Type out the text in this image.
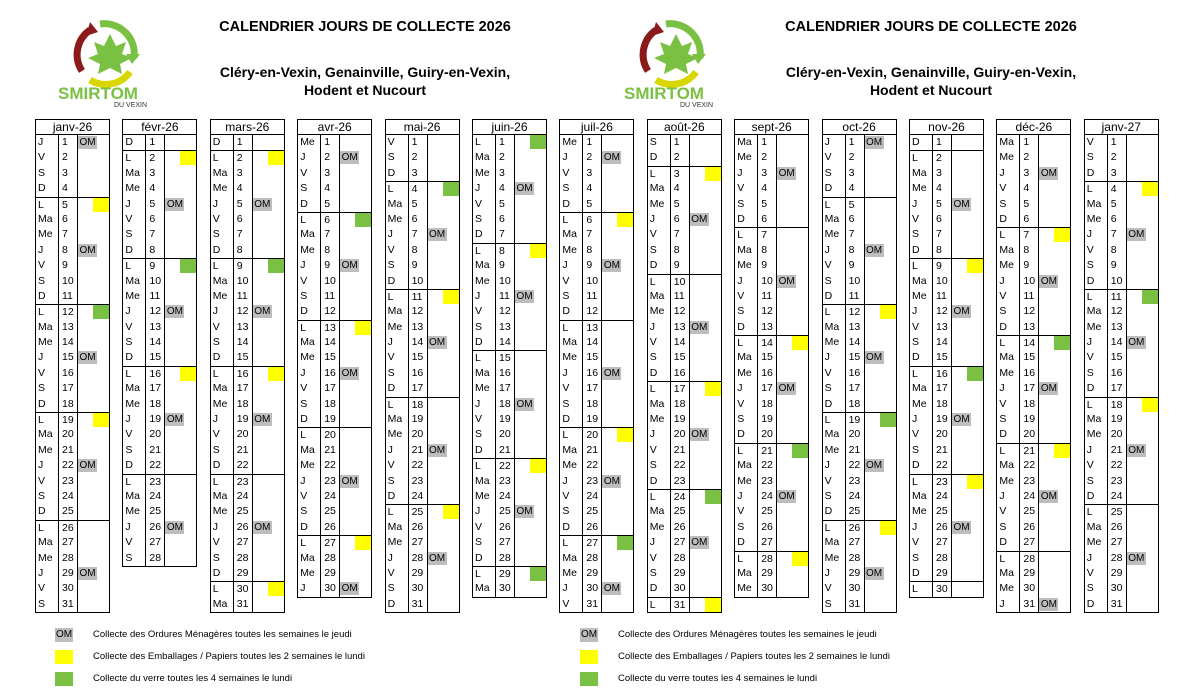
SMIRTOM
DU VEXIN
CALENDRIER JOURS DE COLLECTE 2026
Cléry-en-Vexin, Genainville, Guiry-en-Vexin,
Hodent et Nucourt	SMIRTOM
DU VEXIN
CALENDRIER JOURS DE COLLECTE 2026
Cléry-en-Vexin, Genainville, Guiry-en-Vexin,
Hodent et Nucourt
janv-26
J	1	OM
V	2
S	3
D	4
L	5
Ma 6
Me 7
J	8	OM
V	9
S	10
D	11
L	12
Ma 13
Me 14
J	15 OM
V	16
S	17
D	18
L	19
Ma 20
Me 21
J	22 OM
V	23
S	24
D	25
L	26
Ma 27
Me 28
J	29 OM
V	30
S	31
févr-26
D	1
L	2
Ma 3
Me 4
J	5	OM
V	6
S	7
D	8
L	9
Ma 10
Me 11
J	12 OM
V	13
S	14
D	15
L	16
Ma 17
Me 18
J	19 OM
V	20
S	21
D	22
L	23
Ma 24
Me 25
J	26 OM
V	27
S	28
mars-26
D	1
L	2
Ma 3
Me 4
J	5	OM
V	6
S	7
D	8
L	9
Ma 10
Me 11
J	12 OM
V	13
S	14
D	15
L	16
Ma 17
Me 18
J	19 OM
V	20
S	21
D	22
L	23
Ma 24
Me 25
J	26 OM
V	27
S	28
D	29
L	30
Ma 31
avr-26
Me 1
J	2	OM
V	3
S	4
D	5
L	6
Ma 7
Me 8
J	9	OM
V	10
S	11
D	12
L	13
Ma 14
Me 15
J	16 OM
V	17
S	18
D	19
L	20
Ma 21
Me 22
J	23 OM
V	24
S	25
D	26
L	27
Ma 28
Me 29
J	30 OM
mai-26
V	1
S	2
D	3
L	4
Ma 5
Me 6
J	7	OM
V	8
S	9
D	10
L	11
Ma 12
Me 13
J	14 OM
V	15
S	16
D	17
L	18
Ma 19
Me 20
J	21 OM
V	22
S	23
D	24
L	25
Ma 26
Me 27
J	28 OM
V	29
S	30
D	31
juin-26
L	1
Ma 2
Me 3
J	4	OM
V	5
S	6
D	7
L	8
Ma 9
Me 10
J	11 OM
V	12
S	13
D	14
L	15
Ma 16
Me 17
J	18 OM
V	19
S	20
D	21
L	22
Ma 23
Me 24
J	25 OM
V	26
S	27
D	28
L	29
Ma 30
juil-26
Me 1
J	2	OM
V	3
S	4
D	5
L	6
Ma 7
Me 8
J	9	OM
V	10
S	11
D	12
L	13
Ma 14
Me 15
J	16 OM
V	17
S	18
D	19
L	20
Ma 21
Me 22
J	23 OM
V	24
S	25
D	26
L	27
Ma 28
Me 29
J	30 OM
V	31
août-26
S	1
D	2
L	3
Ma 4
Me 5
J	6	OM
V	7
S	8
D	9
L	10
Ma 11
Me 12
J	13 OM
V	14
S	15
D	16
L	17
Ma 18
Me 19
J	20 OM
V	21
S	22
D	23
L	24
Ma 25
Me 26
J	27 OM
V	28
S	29
D	30
L	31
sept-26
Ma 1
Me 2
J	3	OM
V	4
S	5
D	6
L	7
Ma 8
Me 9
J	10 OM
V	11
S	12
D	13
L	14
Ma 15
Me 16
J	17 OM
V	18
S	19
D	20
L	21
Ma 22
Me 23
J	24 OM
V	25
S	26
D	27
L	28
Ma 29
Me 30
oct-26
J	1	OM
V	2
S	3
D	4
L	5
Ma 6
Me 7
J	8	OM
V	9
S	10
D	11
L	12
Ma 13
Me 14
J	15 OM
V	16
S	17
D	18
L	19
Ma 20
Me 21
J	22 OM
V	23
S	24
D	25
L	26
Ma 27
Me 28
J	29 OM
V	30
S	31
nov-26
D	1
L	2
Ma 3
Me 4
J	5	OM
V	6
S	7
D	8
L	9
Ma 10
Me 11
J	12 OM
V	13
S	14
D	15
L	16
Ma 17
Me 18
J	19 OM
V	20
S	21
D	22
L	23
Ma 24
Me 25
J	26 OM
V	27
S	28
D	29
L	30
déc-26
Ma 1
Me 2
J	3	OM
V	4
S	5
D	6
L	7
Ma 8
Me 9
J	10 OM
V	11
S	12
D	13
L	14
Ma 15
Me 16
J	17 OM
V	18
S	19
D	20
L	21
Ma 22
Me 23
J	24 OM
V	25
S	26
D	27
L	28
Ma 29
Me 30
J	31 OM
janv-27
V	1
S	2
D	3
L	4
Ma 5
Me 6
J	7	OM
V	8
S	9
D	10
L	11
Ma 12
Me 13
J	14 OM
V	15
S	16
D	17
L	18
Ma 19
Me 20
J	21 OM
V	22
S	23
D	24
L	25
Ma 26
Me 27
J	28 OM
V	29
S	30
D	31
OM Collecte des Ordures Ménagères toutes les semaines le jeudi
Collecte des Emballages / Papiers toutes les 2 semaines le lundi
Collecte du verre toutes les 4 semaines le lundi
OM Collecte des Ordures Ménagères toutes les semaines le jeudi
Collecte des Emballages / Papiers toutes les 2 semaines le lundi
Collecte du verre toutes les 4 semaines le lundi
